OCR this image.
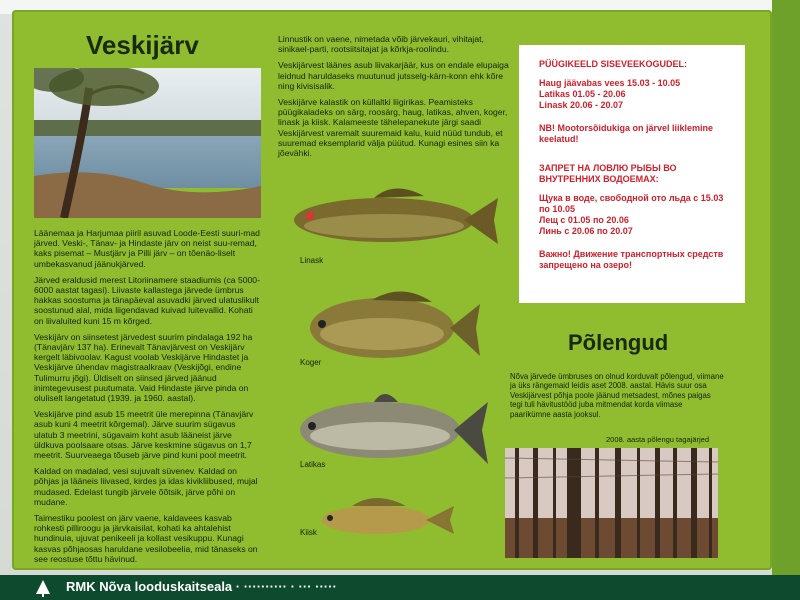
Veskijärv

Läänemaa ja Harjumaa piiril asuvad Loode-Eesti suuri-mad järved. Veski-, Tänav- ja Hindaste järv on neist suu-remad, kaks pisemat – Mustjärv ja Pilli järv – on tõenäo-liselt umbekasvanud jäänukjärved.

Järved eraldusid merest Litoriinamere staadiumis (ca 5000-6000 aastat tagasi). Liivaste kallastega järvede ümbrus hakkas soostuma ja tänapäeval asuvadki järved ulatuslikult soostunud alal, mida liigendavad kuivad luitevallid. Kohati on liivaluited kuni 15 m kõrged.

Veskijärv on siinsetest järvedest suurim pindalaga 192 ha (Tänavjärv 137 ha). Erinevalt Tänavjärvest on Veskijärv kergelt läbivoolav. Kagust voolab Veskijärve Hindastet ja Veskijärve ühendav magistraalkraav (Veskijõgi, endine Tulimurru jõgi). Üldiselt on siinsed järved jäänud inimtegevusest puutumata. Vaid Hindaste järve pinda on oluliselt langetatud (1939. ja 1960. aastal).

Veskijärve pind asub 15 meetrit üle merepinna (Tänavjärv asub kuni 4 meetrit kõrgemal). Järve suurim sügavus ulatub 3 meetrini, sügavaim koht asub lääneist järve üldkuva poolsaare otsas. Järve keskmine sügavus on 1,7 meetrit. Suurveaega tõuseb järve pind kuni pool meetrit.

Kaldad on madalad, vesi sujuvalt süvenev. Kaldad on põhjas ja lääneis liivased, kirdes ja idas kivikliibused, mujal mudased. Edelast tungib järvele õõtsik, järve põhi on mudane.

Taimestiku poolest on järv vaene, kaldavees kasvab rohkesti pilliroogu ja järvkaisilat, kohati ka ahtalehist hundinuia, ujuvat penikeeli ja kollast vesikuppu. Kunagi kasvas põhjaosas haruldane vesilobeelia, mid tänaseks on see reostuse tõttu hävinud.

Linnustik on vaene, nimetada võib järvekauri, vihitajat, sinikael-parti, rootsiitsitajat ja kõrkja-roolindu.

Veskijärvest läänes asub liivakarjäär, kus on endale elupaiga leidnud haruldaseks muutunud jutsselg-kärn-konn ehk kõre ning kivisisalik.

Veskijärve kalastik on küllaltki liigirikas. Peamisteks püügikaladeks on särg, roosärg, haug, latikas, ahven, koger, linask ja kiisk. Kalameeste tähelepanekute järgi saadi Veskijärvest varemalt suuremaid kalu, kuid nüüd tundub, et suuremad eksemplarid välja püütud. Kunagi esines siin ka jõevähki.

Linask
Koger
Latikas
Kiisk

PÜÜGIKEELD SISEVEEKOGUDEL:

Haug jäävabas vees 15.03 - 10.05
Latikas 01.05 - 20.06
Linask 20.06 - 20.07

NB! Mootorsõidukiga on järvel liiklemine keelatud!

ЗАПРЕТ НА ЛОВЛЮ РЫБЫ ВО ВНУТРЕННИХ ВОДОЕМАХ:

Щука в воде, свободной ото льда с 15.03 по 10.05
Лещ с 01.05 по 20.06
Линь с 20.06 по 20.07

Важно! Движение транспортных средств запрещено на озеро!

Põlengud
Nõva järvede ümbruses on olnud korduvalt põlengud, viimane ja üks rängemaid leidis aset 2008. aastal. Hävis suur osa Veskijärvest põhja poole jäänud metsadest, mõnes paigas tegi tuli hävitustööd juba mitmendat korda viimase paarikümne aasta jooksul.
2008. aasta põlengu tagajärjed
RMK Nõva looduskaitseala · ·········· · ··· ·····
